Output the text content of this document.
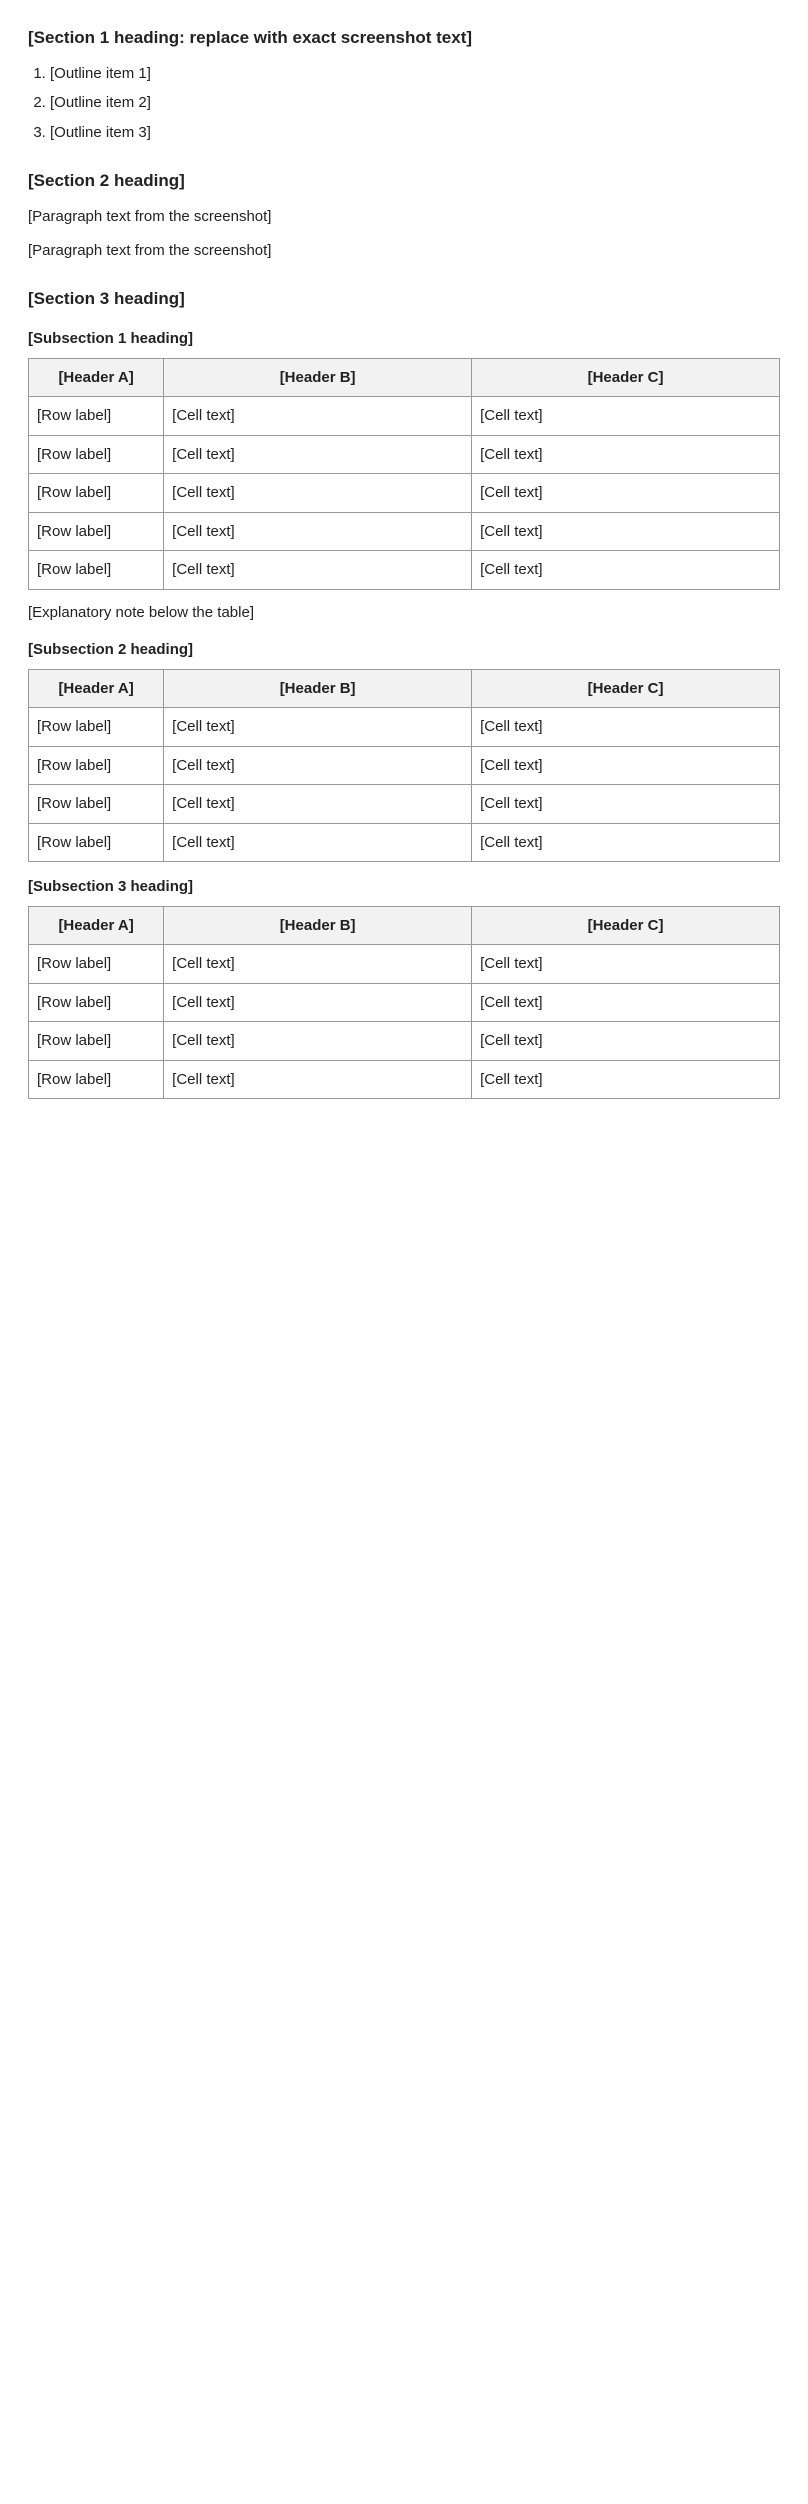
[Section 1 heading: replace with exact screenshot text]
1. [Outline item 1]
2. [Outline item 2]
3. [Outline item 3]
[Section 2 heading]

[Paragraph text from the screenshot]

[Paragraph text from the screenshot]

[Section 3 heading]
[Subsection 1 heading]
[Header A]	[Header B]	[Header C]
[Row label]	[Cell text]	[Cell text]
[Row label]	[Cell text]	[Cell text]
[Row label]	[Cell text]	[Cell text]
[Row label]	[Cell text]	[Cell text]
[Row label]	[Cell text]	[Cell text]

[Explanatory note below the table]

[Subsection 2 heading]
[Header A]	[Header B]	[Header C]
[Row label]	[Cell text]	[Cell text]
[Row label]	[Cell text]	[Cell text]
[Row label]	[Cell text]	[Cell text]
[Row label]	[Cell text]	[Cell text]
[Subsection 3 heading]
[Header A]	[Header B]	[Header C]
[Row label]	[Cell text]	[Cell text]
[Row label]	[Cell text]	[Cell text]
[Row label]	[Cell text]	[Cell text]
[Row label]	[Cell text]	[Cell text]
